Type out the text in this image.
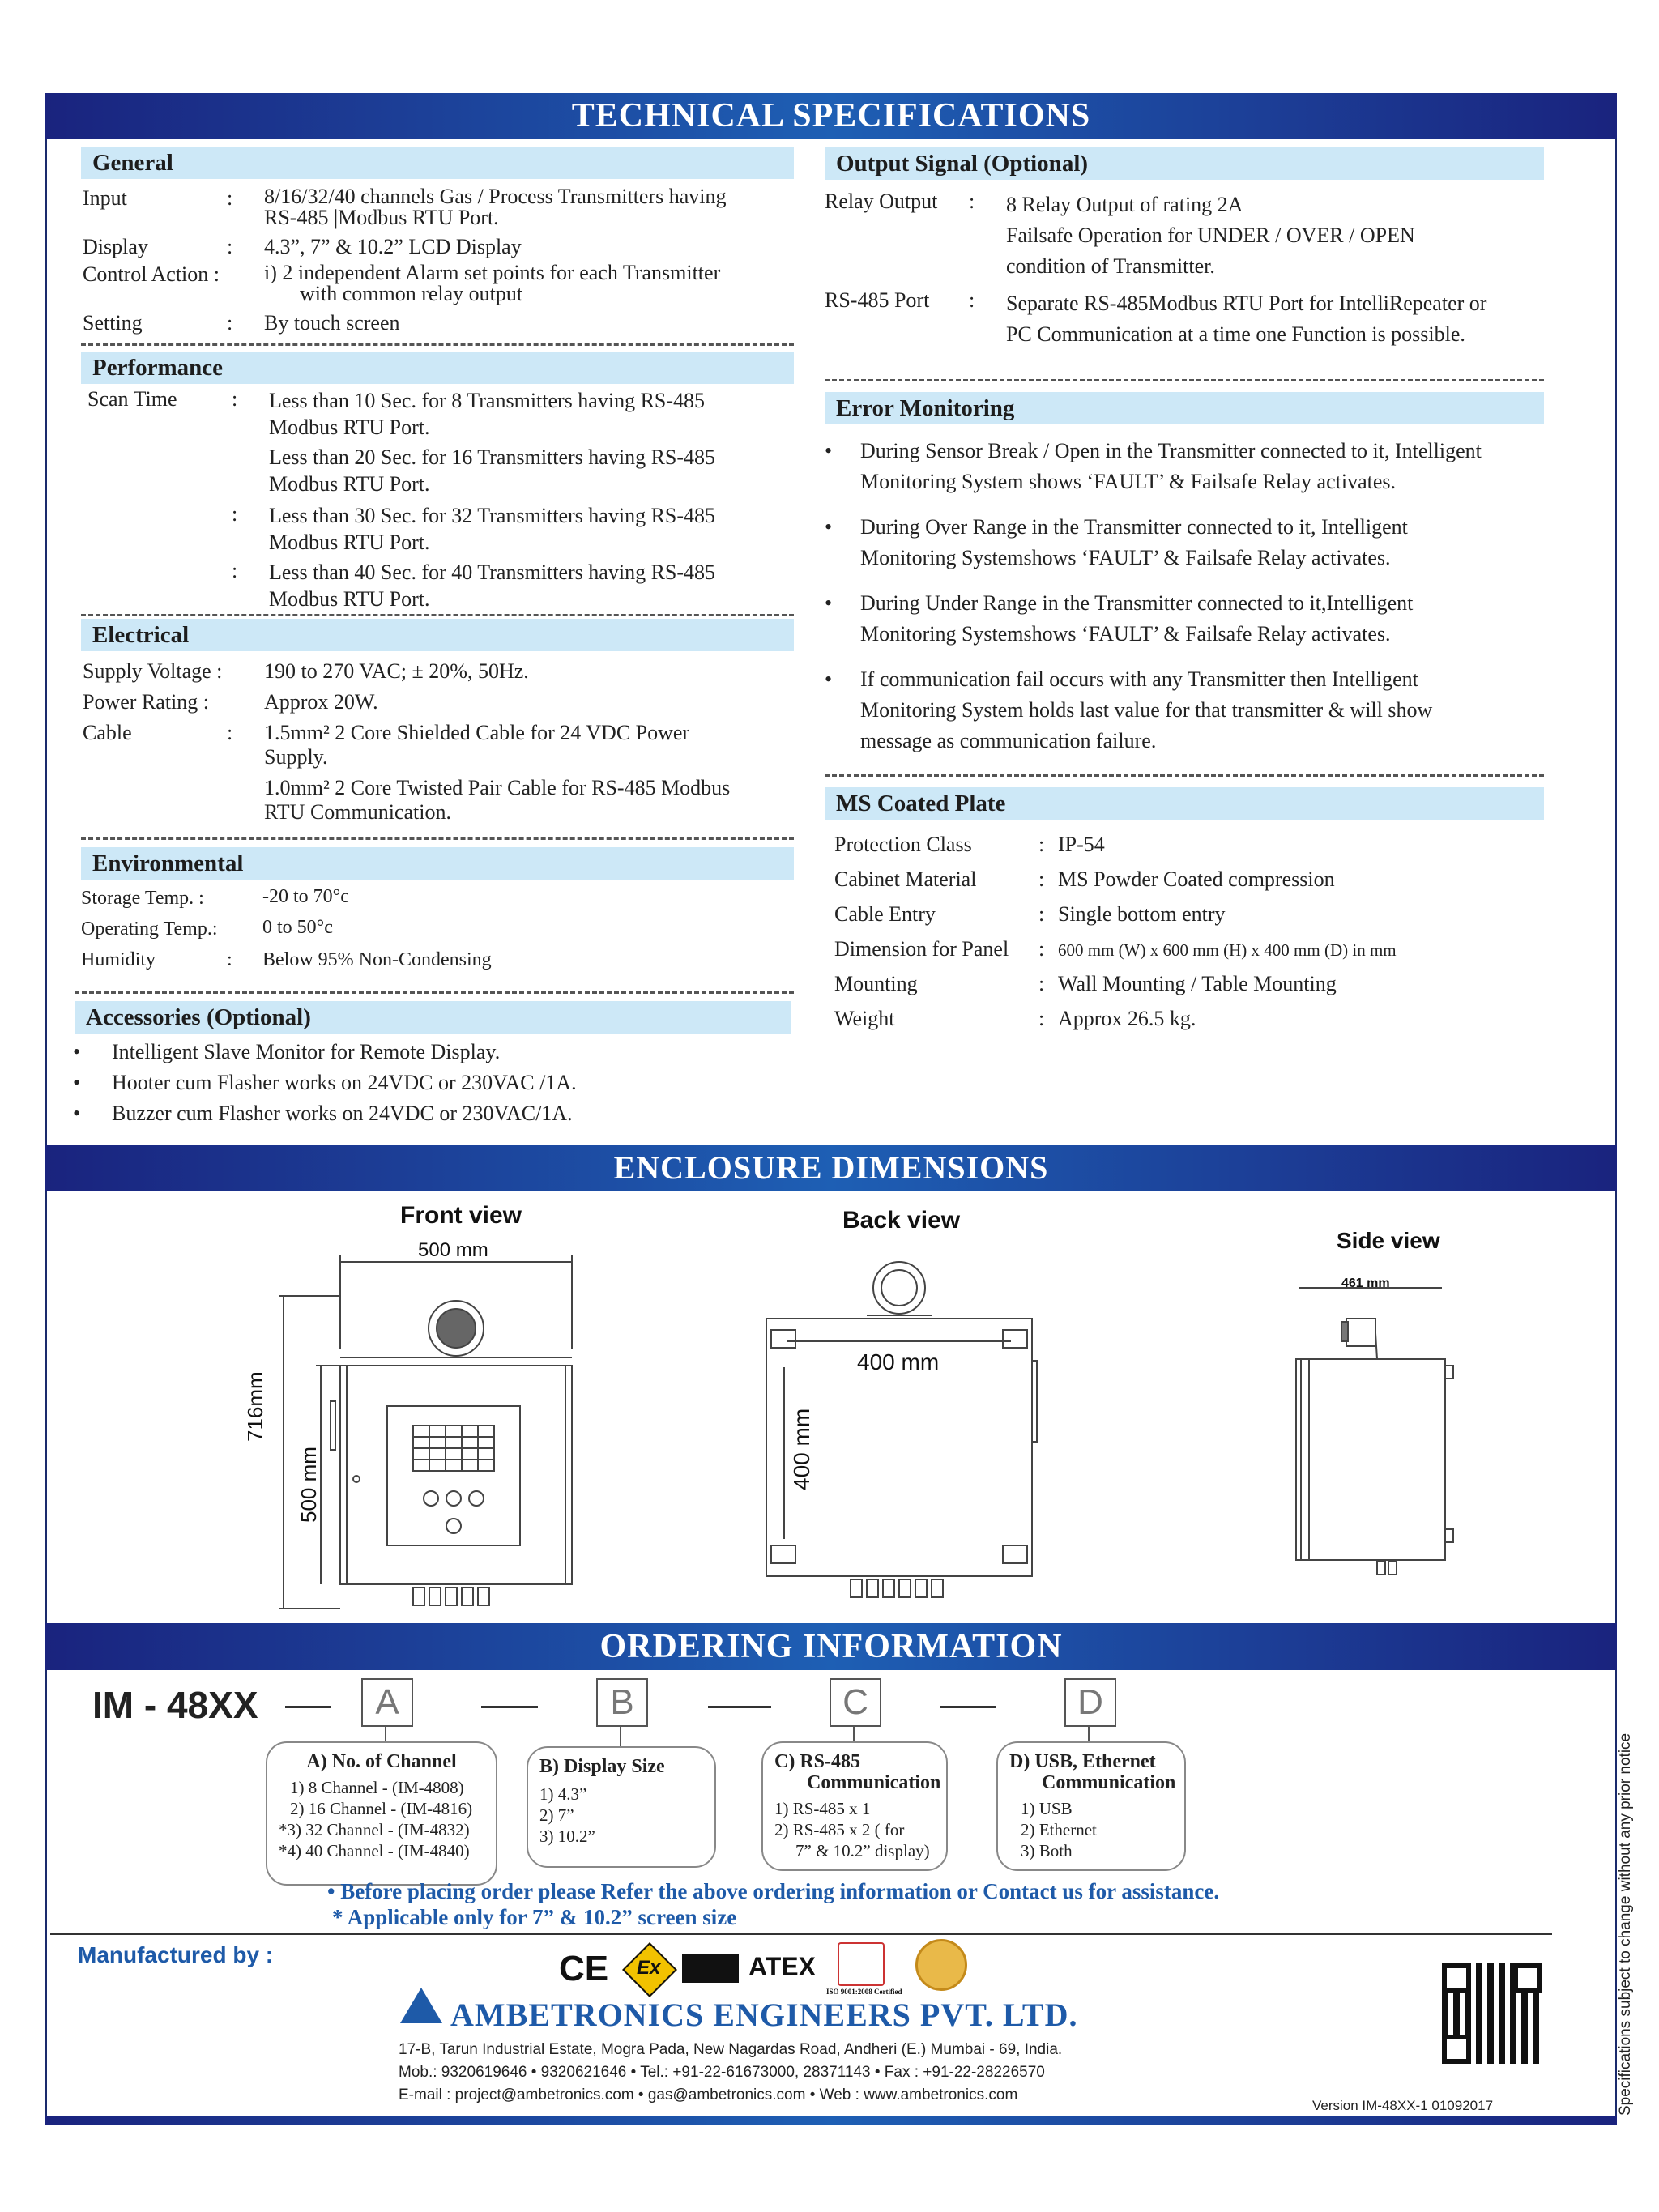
TECHNICAL SPECIFICATIONS
General
Input	: 8/16/32/40 channels Gas / Process Transmitters having
RS-485 |Modbus RTU Port.
Display	: 4.3”, 7” & 10.2” LCD Display
Control Action : i) 2 independent Alarm set points for each Transmitter
with common relay output
Setting	: By touch screen
Performance
Scan Time	: Less than 10 Sec. for 8 Transmitters having RS-485
Modbus RTU Port.
Less than 20 Sec. for 16 Transmitters having RS-485
Modbus RTU Port.
: Less than 30 Sec. for 32 Transmitters having RS-485
Modbus RTU Port.
: Less than 40 Sec. for 40 Transmitters having RS-485
Modbus RTU Port.
Electrical
Supply Voltage : 190 to 270 VAC; ± 20%, 50Hz.
Power Rating :	Approx 20W.
Cable	: 1.5mm² 2 Core Shielded Cable for 24 VDC Power
Supply.
1.0mm² 2 Core Twisted Pair Cable for RS-485 Modbus
RTU Communication.
Environmental
Storage Temp. :	-20 to 70°c
Operating Temp.: 0 to 50°c
Humidity	: Below 95% Non-Condensing
Accessories (Optional)
• Intelligent Slave Monitor for Remote Display.
• Hooter cum Flasher works on 24VDC or 230VAC /1A.
• Buzzer cum Flasher works on 24VDC or 230VAC/1A.
Output Signal (Optional)
Relay Output : 8 Relay Output of rating 2A
Failsafe Operation for UNDER / OVER / OPEN
condition of Transmitter.
RS-485 Port : Separate RS-485Modbus RTU Port for IntelliRepeater or
PC Communication at a time one Function is possible.
Error Monitoring
• During Sensor Break / Open in the Transmitter connected to it, Intelligent
Monitoring System shows ‘FAULT’ & Failsafe Relay activates.
• During Over Range in the Transmitter connected to it, Intelligent
Monitoring Systemshows ‘FAULT’ & Failsafe Relay activates.
• During Under Range in the Transmitter connected to it,Intelligent
Monitoring Systemshows ‘FAULT’ & Failsafe Relay activates.
• If communication fail occurs with any Transmitter then Intelligent
Monitoring System holds last value for that transmitter & will show
message as communication failure.
MS Coated Plate
Protection Class	: IP-54
Cabinet Material	: MS Powder Coated compression
Cable Entry	: Single bottom entry
Dimension for Panel : 600 mm (W) x 600 mm (H) x 400 mm (D) in mm
Mounting	: Wall Mounting / Table Mounting
Weight	: Approx 26.5 kg.
ENCLOSURE DIMENSIONS
Front view	Back view
Side view
500 mm
716mm
500 mm
400 mm
400 mm
461 mm
ORDERING INFORMATION
IM - 48XX	A	B	C	D
A) No. of Channel
1) 8 Channel - (IM-4808)
2) 16 Channel - (IM-4816)
*3) 32 Channel - (IM-4832)
*4) 40 Channel - (IM-4840)
B) Display Size
1) 4.3”
2) 7”
3) 10.2”
C) RS-485
Communication
1) RS-485 x 1
2) RS-485 x 2 ( for
7” & 10.2” display)
D) USB, Ethernet
Communication
1) USB
2) Ethernet
3) Both
• Before placing order please Refer the above ordering information or Contact us for assistance.
* Applicable only for 7” & 10.2” screen size
Manufactured by :	CE Ex	ATEX
ISO 9001:2008 Certified
AMBETRONICS ENGINEERS PVT. LTD.
17-B, Tarun Industrial Estate, Mogra Pada, New Nagardas Road, Andheri (E.) Mumbai - 69, India.
Mob.: 9320619646 • 9320621646 • Tel.: +91-22-61673000, 28371143 • Fax : +91-22-28226570
E-mail : project@ambetronics.com • gas@ambetronics.com • Web : www.ambetronics.com
Version IM-48XX-1 01092017	Specifications subject to change without any prior notice
